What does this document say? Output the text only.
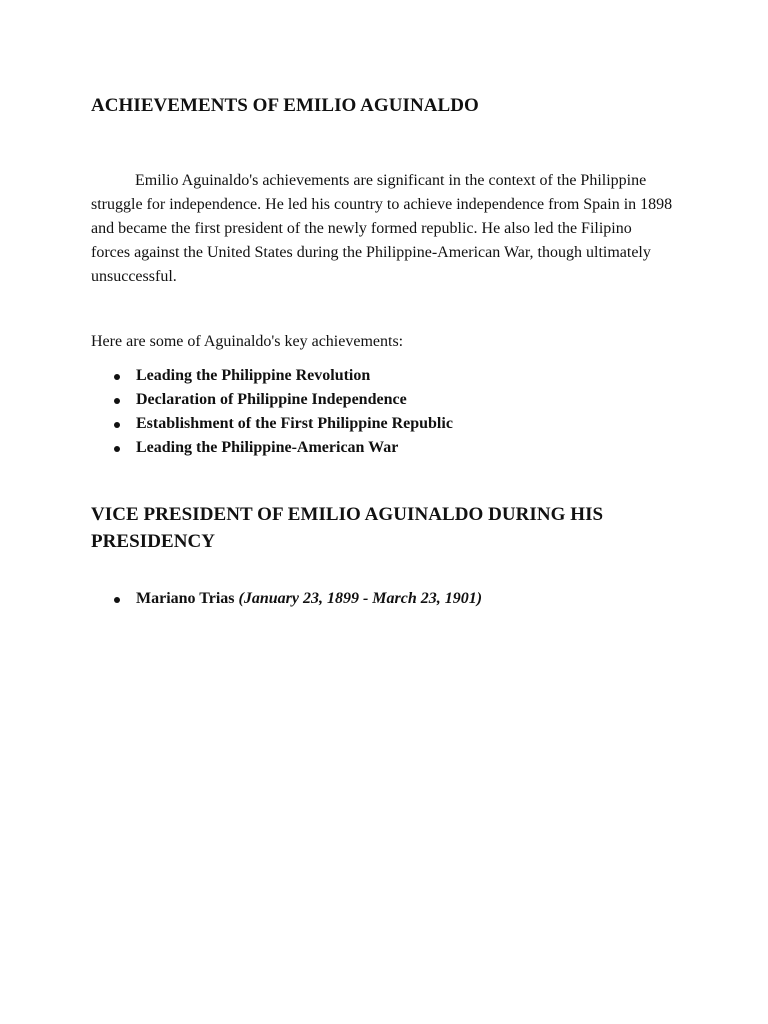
ACHIEVEMENTS OF EMILIO AGUINALDO

Emilio Aguinaldo's achievements are significant in the context of the Philippine struggle for independence. He led his country to achieve independence from Spain in 1898 and became the first president of the newly formed republic. He also led the Filipino forces against the United States during the Philippine-American War, though ultimately unsuccessful.

Here are some of Aguinaldo's key achievements:

Leading the Philippine Revolution
Declaration of Philippine Independence
Establishment of the First Philippine Republic
Leading the Philippine-American War
VICE PRESIDENT OF EMILIO AGUINALDO DURING HIS PRESIDENCY
Mariano Trias (January 23, 1899 - March 23, 1901)
